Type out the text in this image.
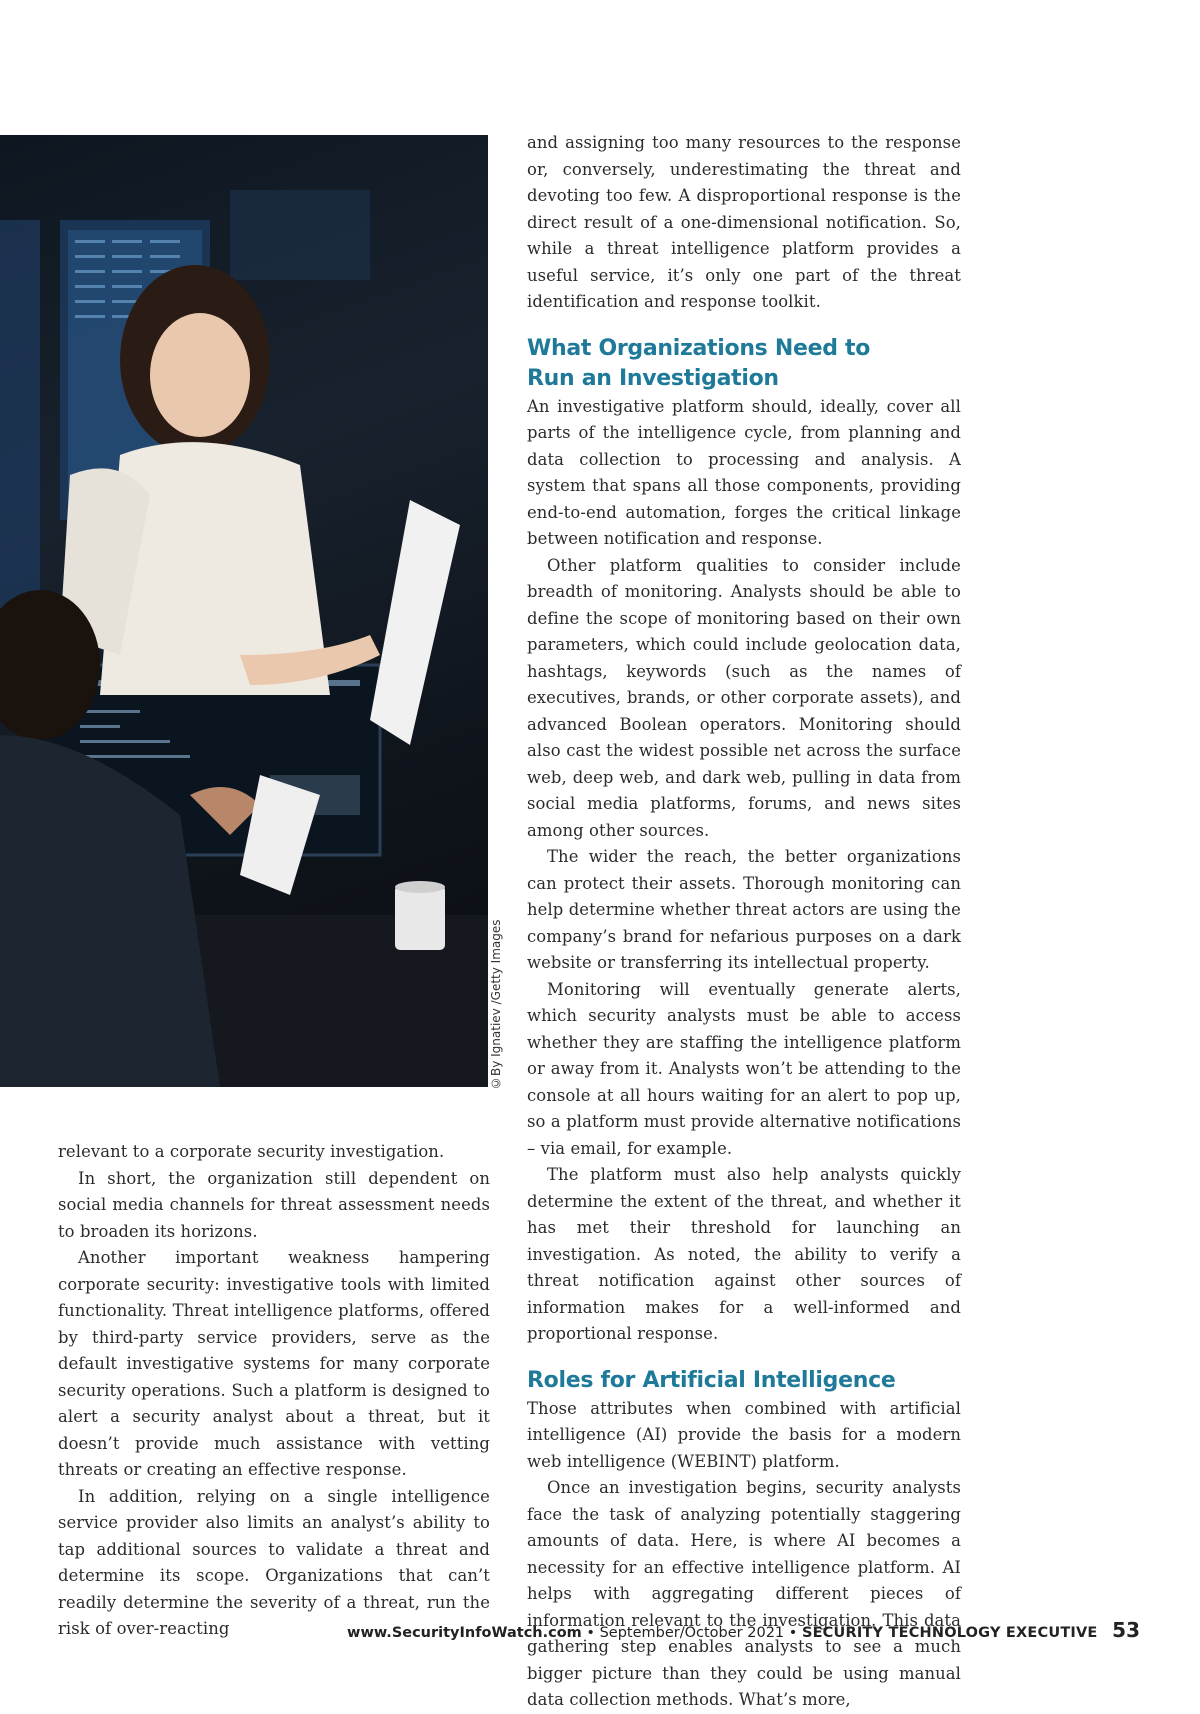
©By Ignatiev /Getty Images

relevant to a corporate security investigation.

In short, the organization still dependent on social media channels for threat assessment needs to broaden its horizons.

Another important weakness hampering corporate security: investigative tools with limited functionality. Threat intelligence platforms, offered by third-party service providers, serve as the default investigative systems for many corporate security operations. Such a platform is designed to alert a security analyst about a threat, but it doesn’t provide much assistance with vetting threats or creating an effective response.

In addition, relying on a single intelligence service provider also limits an analyst’s ability to tap additional sources to validate a threat and determine its scope. Organizations that can’t readily determine the severity of a threat, run the risk of over-reacting

and assigning too many resources to the response or, conversely, underestimating the threat and devoting too few. A disproportional response is the direct result of a one-dimensional notification. So, while a threat intelligence platform provides a useful service, it’s only one part of the threat identification and response toolkit.

What Organizations Need to
Run an Investigation

An investigative platform should, ideally, cover all parts of the intelligence cycle, from planning and data collection to processing and analysis. A system that spans all those components, providing end-to-end automation, forges the critical linkage between notification and response.

Other platform qualities to consider include breadth of monitoring. Analysts should be able to define the scope of monitoring based on their own parameters, which could include geolocation data, hashtags, keywords (such as the names of executives, brands, or other corporate assets), and advanced Boolean operators. Monitoring should also cast the widest possible net across the surface web, deep web, and dark web, pulling in data from social media platforms, forums, and news sites among other sources.

The wider the reach, the better organizations can protect their assets. Thorough monitoring can help determine whether threat actors are using the company’s brand for nefarious purposes on a dark website or transferring its intellectual property.

Monitoring will eventually generate alerts, which security analysts must be able to access whether they are staffing the intelligence platform or away from it. Analysts won’t be attending to the console at all hours waiting for an alert to pop up, so a platform must provide alternative notifications – via email, for example.

The platform must also help analysts quickly determine the extent of the threat, and whether it has met their threshold for launching an investigation. As noted, the ability to verify a threat notification against other sources of information makes for a well-informed and proportional response.

Roles for Artificial Intelligence

Those attributes when combined with artificial intelligence (AI) provide the basis for a modern web intelligence (WEBINT) platform.

Once an investigation begins, security analysts face the task of analyzing potentially staggering amounts of data. Here, is where AI becomes a necessity for an effective intelligence platform. AI helps with aggregating different pieces of information relevant to the investigation. This data gathering step enables analysts to see a much bigger picture than they could be using manual data collection methods. What’s more,

www.SecurityInfoWatch.com • September/October 2021 • SECURITY TECHNOLOGY EXECUTIVE 53
